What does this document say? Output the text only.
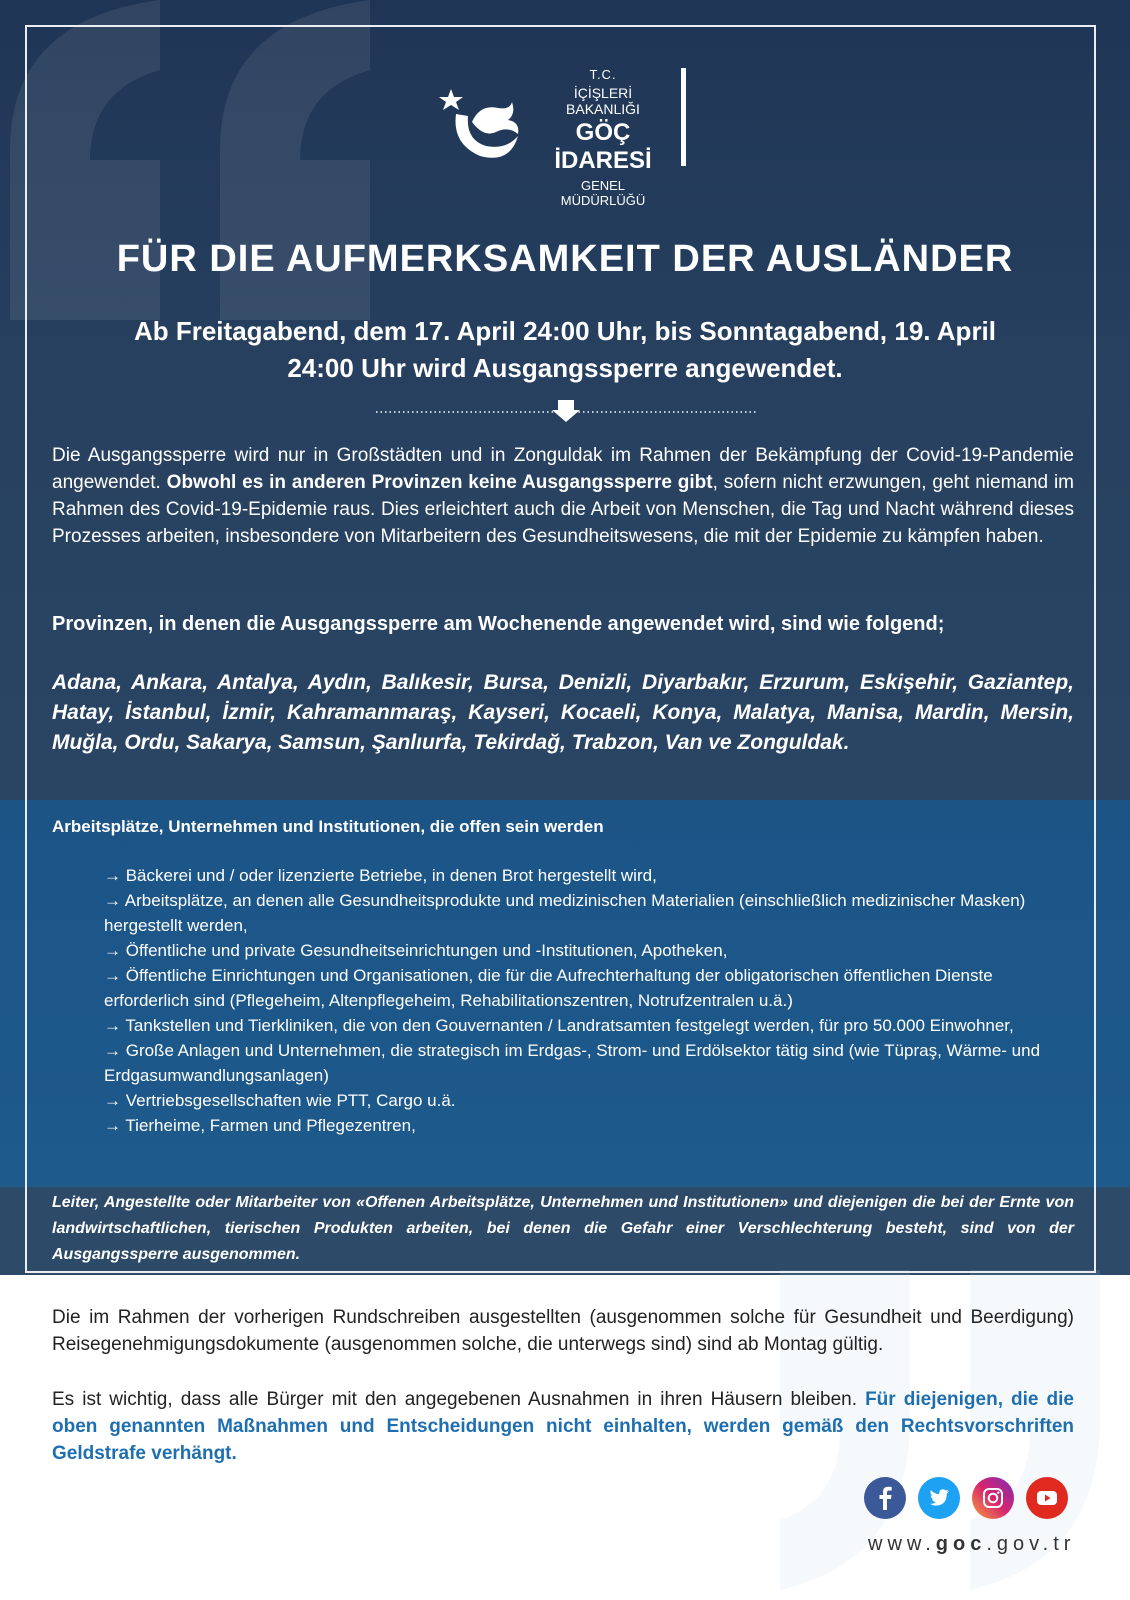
T.C.
İÇİŞLERİ BAKANLIĞI
GÖÇ İDARESİ
GENEL MÜDÜRLÜĞÜ
FÜR DIE AUFMERKSAMKEIT DER AUSLÄNDER
Ab Freitagabend, dem 17. April 24:00 Uhr, bis Sonntagabend, 19. April
24:00 Uhr wird Ausgangssperre angewendet.
Die Ausgangssperre wird nur in Großstädten und in Zonguldak im Rahmen der Bekämpfung der Covid-19-Pandemie angewendet. Obwohl es in anderen Provinzen keine Ausgangssperre gibt, sofern nicht erzwungen, geht niemand im Rahmen des Covid-19-Epidemie raus. Dies erleichtert auch die Arbeit von Menschen, die Tag und Nacht während dieses Prozesses arbeiten, insbesondere von Mitarbeitern des Gesundheitswesens, die mit der Epidemie zu kämpfen haben.
Provinzen, in denen die Ausgangssperre am Wochenende angewendet wird, sind wie folgend;
Adana, Ankara, Antalya, Aydın, Balıkesir, Bursa, Denizli, Diyarbakır, Erzurum, Eskişehir, Gaziantep, Hatay, İstanbul, İzmir, Kahramanmaraş, Kayseri, Kocaeli, Konya, Malatya, Manisa, Mardin, Mersin, Muğla, Ordu, Sakarya, Samsun, Şanlıurfa, Tekirdağ, Trabzon, Van ve Zonguldak.
Arbeitsplätze, Unternehmen und Institutionen, die offen sein werden
→ Bäckerei und / oder lizenzierte Betriebe, in denen Brot hergestellt wird,
→ Arbeitsplätze, an denen alle Gesundheitsprodukte und medizinischen Materialien (einschließlich medizinischer Masken) hergestellt werden,
→ Öffentliche und private Gesundheitseinrichtungen und -Institutionen, Apotheken,
→ Öffentliche Einrichtungen und Organisationen, die für die Aufrechterhaltung der obligatorischen öffentlichen Dienste erforderlich sind (Pflegeheim, Altenpflegeheim, Rehabilitationszentren, Notrufzentralen u.ä.)
→ Tankstellen und Tierkliniken, die von den Gouvernanten / Landratsamten festgelegt werden, für pro 50.000 Einwohner,
→ Große Anlagen und Unternehmen, die strategisch im Erdgas-, Strom- und Erdölsektor tätig sind (wie Tüpraş, Wärme- und Erdgasumwandlungsanlagen)
→ Vertriebsgesellschaften wie PTT, Cargo u.ä.
→ Tierheime, Farmen und Pflegezentren,
Leiter, Angestellte oder Mitarbeiter von «Offenen Arbeitsplätze, Unternehmen und Institutionen» und diejenigen die bei der Ernte von landwirtschaftlichen, tierischen Produkten arbeiten, bei denen die Gefahr einer Verschlechterung besteht, sind von der Ausgangssperre ausgenommen.
Die im Rahmen der vorherigen Rundschreiben ausgestellten (ausgenommen solche für Gesundheit und Beerdigung) Reisegenehmigungsdokumente (ausgenommen solche, die unterwegs sind) sind ab Montag gültig.
Es ist wichtig, dass alle Bürger mit den angegebenen Ausnahmen in ihren Häusern bleiben. Für diejenigen, die die oben genannten Maßnahmen und Entscheidungen nicht einhalten, werden gemäß den Rechtsvorschriften Geldstrafe verhängt.
www.goc.gov.tr
